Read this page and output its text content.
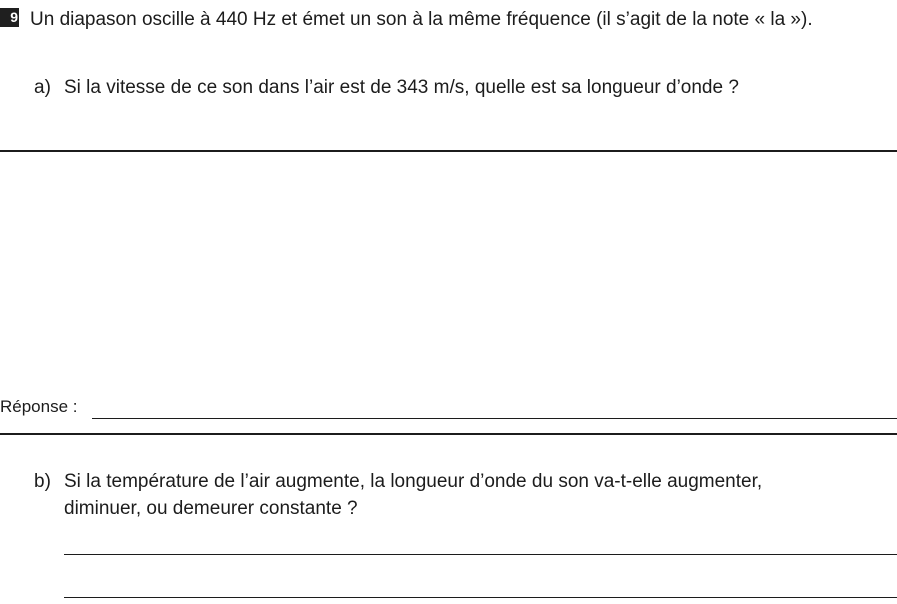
9 Un diapason oscille à 440 Hz et émet un son à la même fréquence (il s’agit de la note « la »).
a) Si la vitesse de ce son dans l’air est de 343 m/s, quelle est sa longueur d’onde ?
Réponse :
b) Si la température de l’air augmente, la longueur d’onde du son va-t-elle augmenter, diminuer, ou demeurer constante ?
